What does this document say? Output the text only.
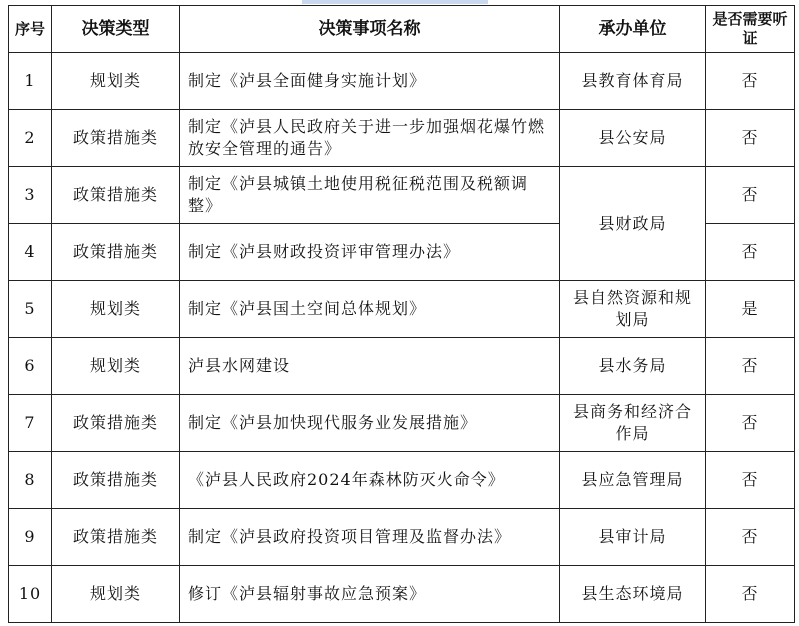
序号	决策类型	决策事项名称	承办单位	是否需要听证
1	规划类	制定《泸县全面健身实施计划》	县教育体育局	否
2	政策措施类	制定《泸县人民政府关于进一步加强烟花爆竹燃放安全管理的通告》	县公安局	否
3	政策措施类	制定《泸县城镇土地使用税征税范围及税额调整》	县财政局	否
4	政策措施类	制定《泸县财政投资评审管理办法》		否
5	规划类	制定《泸县国土空间总体规划》	县自然资源和规划局	是
6	规划类	泸县水网建设	县水务局	否
7	政策措施类	制定《泸县加快现代服务业发展措施》	县商务和经济合作局	否
8	政策措施类	《泸县人民政府2024年森林防灭火命令》	县应急管理局	否
9	政策措施类	制定《泸县政府投资项目管理及监督办法》	县审计局	否
10	规划类	修订《泸县辐射事故应急预案》	县生态环境局	否
